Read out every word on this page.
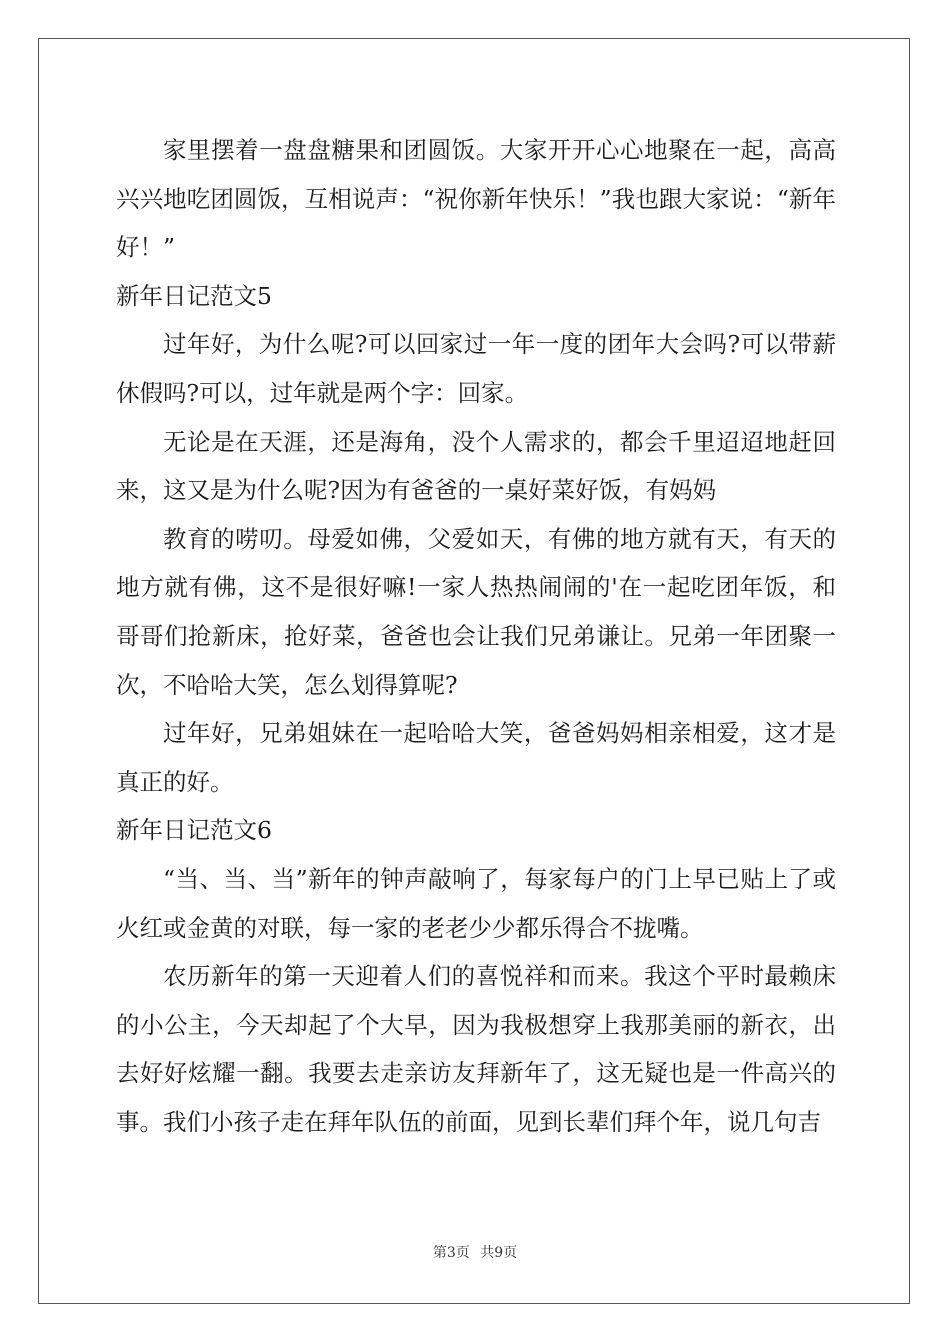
家里摆着一盘盘糖果和团圆饭。大家开开心心地聚在一起，高高兴兴地吃团圆饭，互相说声：“祝你新年快乐！”我也跟大家说：“新年好！”

新年日记范文5

过年好，为什么呢?可以回家过一年一度的团年大会吗?可以带薪休假吗?可以，过年就是两个字：回家。

无论是在天涯，还是海角，没个人需求的，都会千里迢迢地赶回来，这又是为什么呢?因为有爸爸的一桌好菜好饭，有妈妈

教育的唠叨。母爱如佛，父爱如天，有佛的地方就有天，有天的地方就有佛，这不是很好嘛!一家人热热闹闹的'在一起吃团年饭，和哥哥们抢新床，抢好菜，爸爸也会让我们兄弟谦让。兄弟一年团聚一次，不哈哈大笑，怎么划得算呢?

过年好，兄弟姐妹在一起哈哈大笑，爸爸妈妈相亲相爱，这才是真正的好。

新年日记范文6

“当、当、当”新年的钟声敲响了，每家每户的门上早已贴上了或火红或金黄的对联，每一家的老老少少都乐得合不拢嘴。

农历新年的第一天迎着人们的喜悦祥和而来。我这个平时最赖床的小公主，今天却起了个大早，因为我极想穿上我那美丽的新衣，出去好好炫耀一翻。我要去走亲访友拜新年了，这无疑也是一件高兴的事。我们小孩子走在拜年队伍的前面，见到长辈们拜个年，说几句吉

第3页 共9页
